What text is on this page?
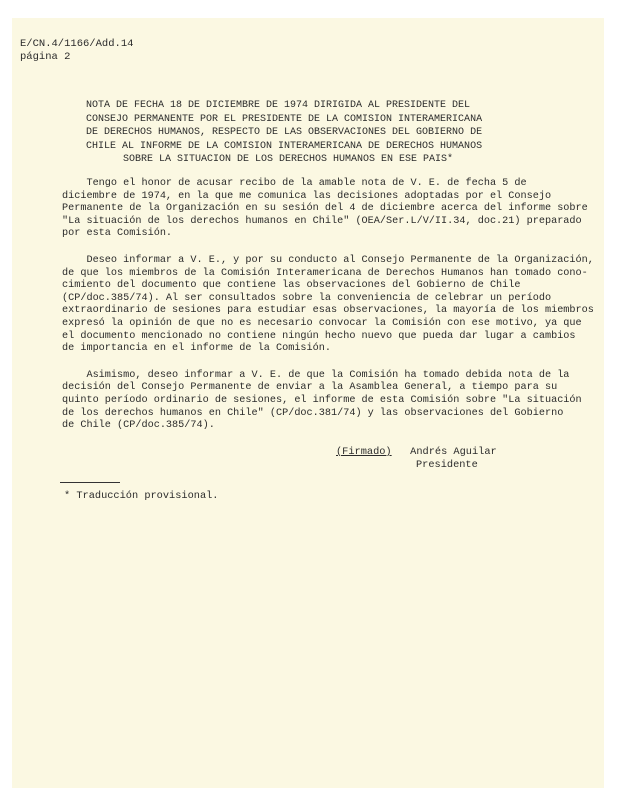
E/CN.4/1166/Add.14
página 2
NOTA DE FECHA 18 DE DICIEMBRE DE 1974 DIRIGIDA AL PRESIDENTE DEL
CONSEJO PERMANENTE POR EL PRESIDENTE DE LA COMISION INTERAMERICANA
DE DERECHOS HUMANOS, RESPECTO DE LAS OBSERVACIONES DEL GOBIERNO DE
CHILE AL INFORME DE LA COMISION INTERAMERICANA DE DERECHOS HUMANOS
SOBRE LA SITUACION DE LOS DERECHOS HUMANOS EN ESE PAIS*

Tengo el honor de acusar recibo de la amable nota de V. E. de fecha 5 de
diciembre de 1974, en la que me comunica las decisiones adoptadas por el Consejo
Permanente de la Organización en su sesión del 4 de diciembre acerca del informe sobre
"La situación de los derechos humanos en Chile" (OEA/Ser.L/V/II.34, doc.21) preparado
por esta Comisión.

Deseo informar a V. E., y por su conducto al Consejo Permanente de la Organización,
de que los miembros de la Comisión Interamericana de Derechos Humanos han tomado cono-
cimiento del documento que contiene las observaciones del Gobierno de Chile
(CP/doc.385/74). Al ser consultados sobre la conveniencia de celebrar un período
extraordinario de sesiones para estudiar esas observaciones, la mayoría de los miembros
expresó la opinión de que no es necesario convocar la Comisión con ese motivo, ya que
el documento mencionado no contiene ningún hecho nuevo que pueda dar lugar a cambios
de importancia en el informe de la Comisión.

Asimismo, deseo informar a V. E. de que la Comisión ha tomado debida nota de la
decisión del Consejo Permanente de enviar a la Asamblea General, a tiempo para su
quinto período ordinario de sesiones, el informe de esta Comisión sobre "La situación
de los derechos humanos en Chile" (CP/doc.381/74) y las observaciones del Gobierno
de Chile (CP/doc.385/74).

(Firmado) Andrés Aguilar
Presidente
* Traducción provisional.
